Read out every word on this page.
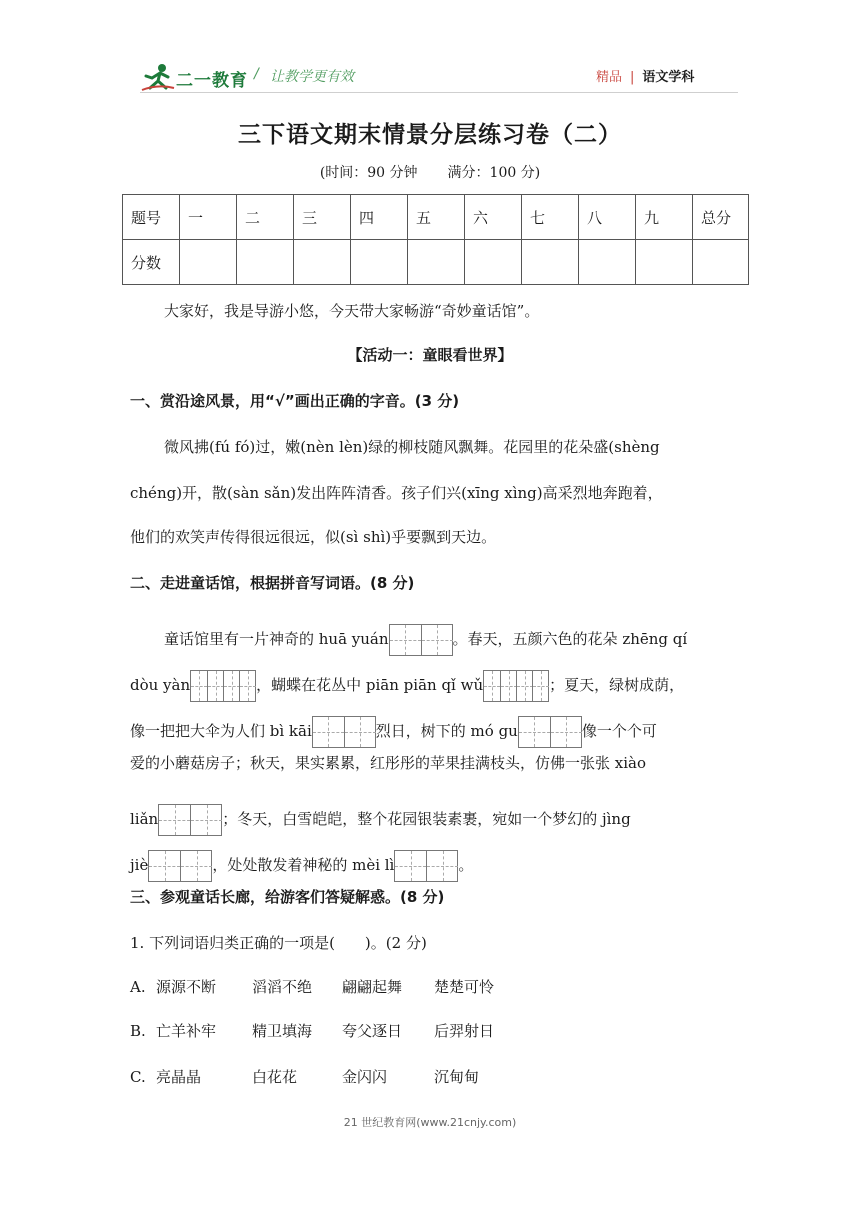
二一教育 / 让教学更有效	精品 | 语文学科
三下语文期末情景分层练习卷（二）
(时间：90 分钟 满分：100 分)
题号	一	二	三	四	五	六	七	八	九	总分
分数										
大家好，我是导游小悠，今天带大家畅游“奇妙童话馆”。
【活动一：童眼看世界】
一、赏沿途风景，用“√”画出正确的字音。(3 分)
微风拂(fú fó)过，嫩(nèn lèn)绿的柳枝随风飘舞。花园里的花朵盛(shèng
chéng)开，散(sàn sǎn)发出阵阵清香。孩子们兴(xīng xìng)高采烈地奔跑着，
他们的欢笑声传得很远很远，似(sì shì)乎要飘到天边。
二、走进童话馆，根据拼音写词语。(8 分)
童话馆里有一片神奇的 huā yuán	。春天，五颜六色的花朵 zhēng qí
dòu yàn	，蝴蝶在花丛中 piān piān qǐ wǔ	；夏天，绿树成荫，
像一把把大伞为人们 bì kāi	烈日，树下的 mó gu	像一个个可
爱的小蘑菇房子；秋天，果实累累，红彤彤的苹果挂满枝头，仿佛一张张 xiào
liǎn	；冬天，白雪皑皑，整个花园银装素裹，宛如一个梦幻的 jìng
jiè	，处处散发着神秘的 mèi lì	。
三、参观童话长廊，给游客们答疑解惑。(8 分)
1. 下列词语归类正确的一项是(　　)。(2 分)
A. 源源不断 滔滔不绝 翩翩起舞 楚楚可怜
B. 亡羊补牢 精卫填海 夸父逐日 后羿射日
C. 亮晶晶	白花花	金闪闪	沉甸甸
21 世纪教育网(www.21cnjy.com)
